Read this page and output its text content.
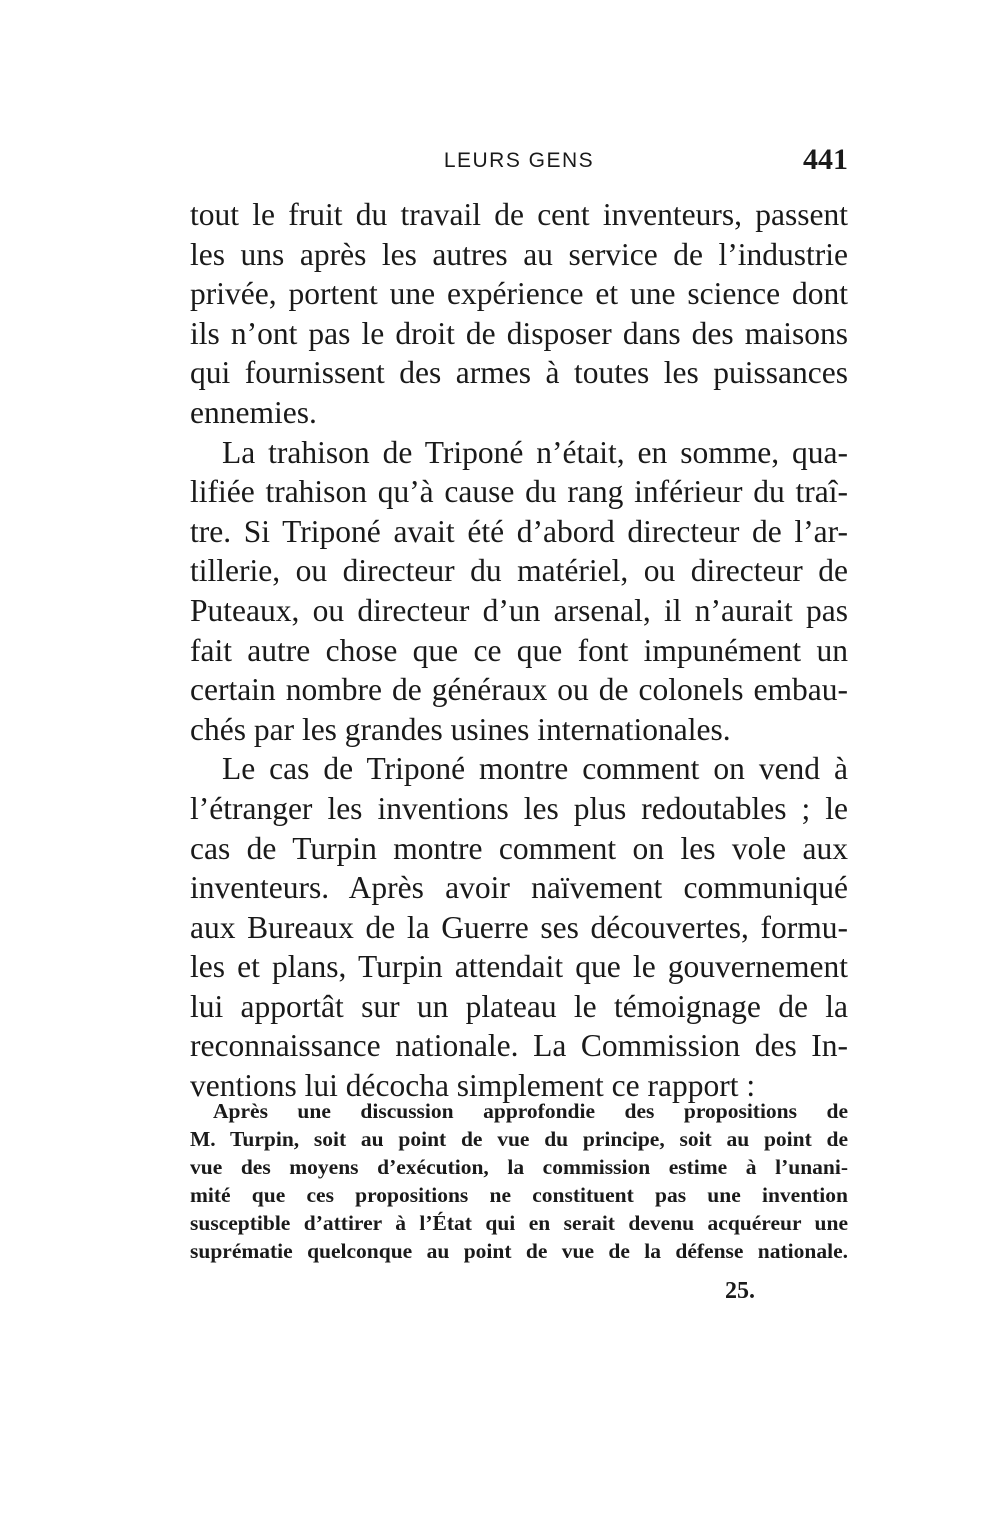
LEURS GENS	441
tout le fruit du travail de cent inventeurs, passent
les uns après les autres au service de l’industrie
privée, portent une expérience et une science dont
ils n’ont pas le droit de disposer dans des maisons
qui fournissent des armes à toutes les puissances
ennemies.
La trahison de Triponé n’était, en somme, qua-
lifiée trahison qu’à cause du rang inférieur du traî-
tre. Si Triponé avait été d’abord directeur de l’ar-
tillerie, ou directeur du matériel, ou directeur de
Puteaux, ou directeur d’un arsenal, il n’aurait pas
fait autre chose que ce que font impunément un
certain nombre de généraux ou de colonels embau-
chés par les grandes usines internationales.
Le cas de Triponé montre comment on vend à
l’étranger les inventions les plus redoutables ; le
cas de Turpin montre comment on les vole aux
inventeurs. Après avoir naïvement communiqué
aux Bureaux de la Guerre ses découvertes, formu-
les et plans, Turpin attendait que le gouvernement
lui apportât sur un plateau le témoignage de la
reconnaissance nationale. La Commission des In-
ventions lui décocha simplement ce rapport :
Après une discussion approfondie des propositions de
M. Turpin, soit au point de vue du principe, soit au point de
vue des moyens d’exécution, la commission estime à l’unani-
mité que ces propositions ne constituent pas une invention
susceptible d’attirer à l’État qui en serait devenu acquéreur une
suprématie quelconque au point de vue de la défense nationale.
25.
